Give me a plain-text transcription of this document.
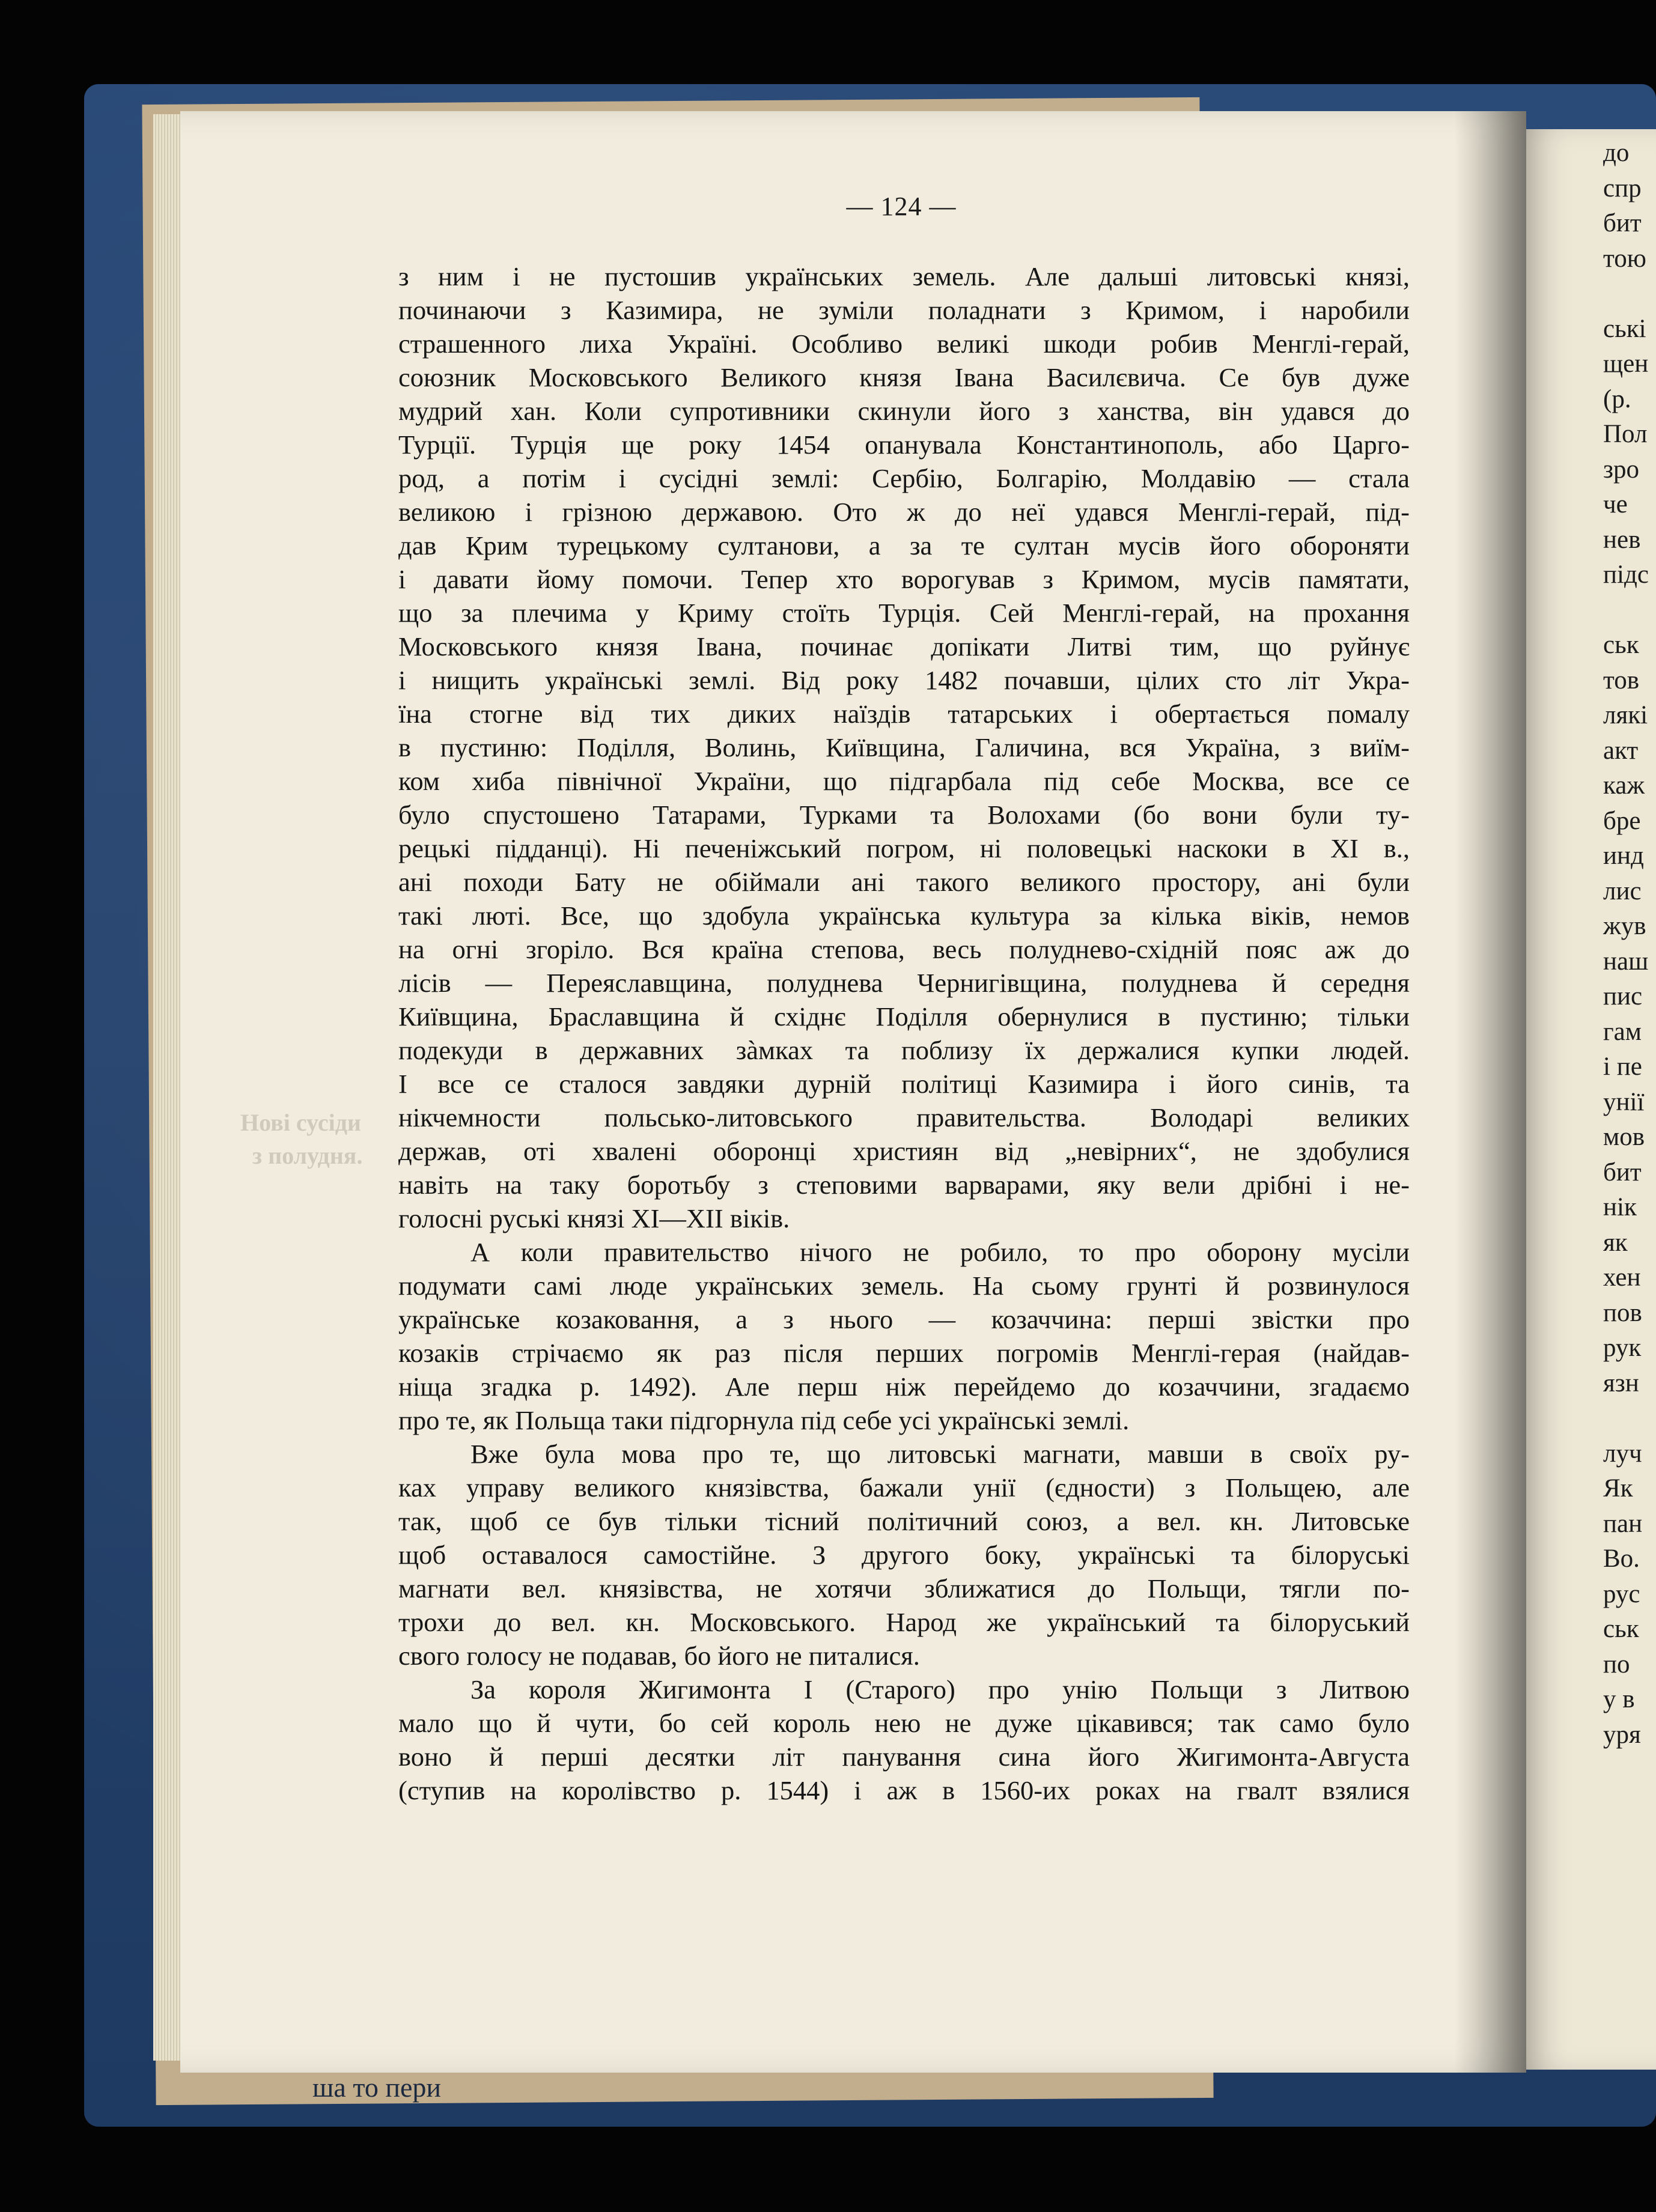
Нові сусіди
з полудня.
— 124 —
з ним і не пустошив українських земель. Але дальші литовські князі,
починаючи з Казимира, не зуміли поладнати з Кримом, і наробили
страшенного лиха Україні. Особливо великі шкоди робив Менглі-герай,
союзник Московського Великого князя Івана Василєвича. Се був дуже
мудрий хан. Коли супротивники скинули його з ханства, він удався до
Турції. Турція ще року 1454 опанувала Константинополь, або Царго-
род, а потім і сусідні землі: Сербію, Болгарію, Молдавію — стала
великою і грізною державою. Ото ж до неї удався Менглі-герай, під-
дав Крим турецькому султанови, а за те султан мусів його обороняти
і давати йому помочи. Тепер хто ворогував з Кримом, мусів памятати,
що за плечима у Криму стоїть Турція. Сей Менглі-герай, на прохання
Московського князя Івана, починає допікати Литві тим, що руйнує
і нищить українські землі. Від року 1482 почавши, цілих сто літ Укра-
їна стогне від тих диких наїздів татарських і обертається помалу
в пустиню: Поділля, Волинь, Київщина, Галичина, вся Україна, з виїм-
ком хиба північної України, що підгарбала під себе Москва, все се
було спустошено Татарами, Турками та Волохами (бо вони були ту-
рецькі підданці). Ні печеніжський погром, ні половецькі наскоки в XI в.,
ані походи Бату не обіймали ані такого великого простору, ані були
такі люті. Все, що здобула українська культура за кілька віків, немов
на огні згоріло. Вся країна степова, весь полудневo-східній пояс аж до
лісів — Переяславщина, полуднева Чернигівщина, полуднева й середня
Київщина, Браславщина й східнє Поділля обернулися в пустиню; тільки
подекуди в державних зàмках та поблизу їх держалися купки людей.
І все се сталося завдяки дурній політиці Казимира і його синів, та
нікчемности польсько-литовського правительства. Володарі великих
держав, оті хвалені оборонці християн від „невірних“, не здобулися
навіть на таку боротьбу з степовими варварами, яку вели дрібні і не-
голосні руські князі XI—XII віків.
А коли правительство нічого не робило, то про оборону мусіли
подумати самі люде українських земель. На сьому грунті й розвинулося
українське козаковання, а з нього — козаччина: перші звістки про
козаків стрічаємо як раз після перших погромів Менглі-герая (найдав-
ніща згадка р. 1492). Але перш ніж перейдемо до козаччини, згадаємо
про те, як Польща таки підгорнула під себе усі українські землі.
Вже була мова про те, що литовські магнати, мавши в своїх ру-
ках управу великого князівства, бажали унії (єдности) з Польщею, але
так, щоб се був тільки тісний політичний союз, а вел. кн. Литовське
щоб оставалося самостійне. З другого боку, українські та білоруські
магнати вел. князівства, не хотячи зближатися до Польщи, тягли по-
трохи до вел. кн. Московського. Народ же український та білоруський
свого голосу не подавав, бо його не питалися.
За короля Жигимонта І (Старого) про унію Польщи з Литвою
мало що й чути, бо сей король нею не дуже цікавився; так само було
воно й перші десятки літ панування сина його Жигимонта-Августа
(ступив на королівство р. 1544) і аж в 1560-их роках на гвалт взялися
до
спр
бит
тою
ські
щен
(р.
Пол
зро
че
нев
підс
ськ
тов
лякі
акт
каж
бре
инд
лис
жув
наш
пис
гам
і пе
унії
мов
бит
нік
як
хен
пов
рук
язн
луч
Як
пан
Во.
рус
ськ
по
у в
уря
ша то пери
